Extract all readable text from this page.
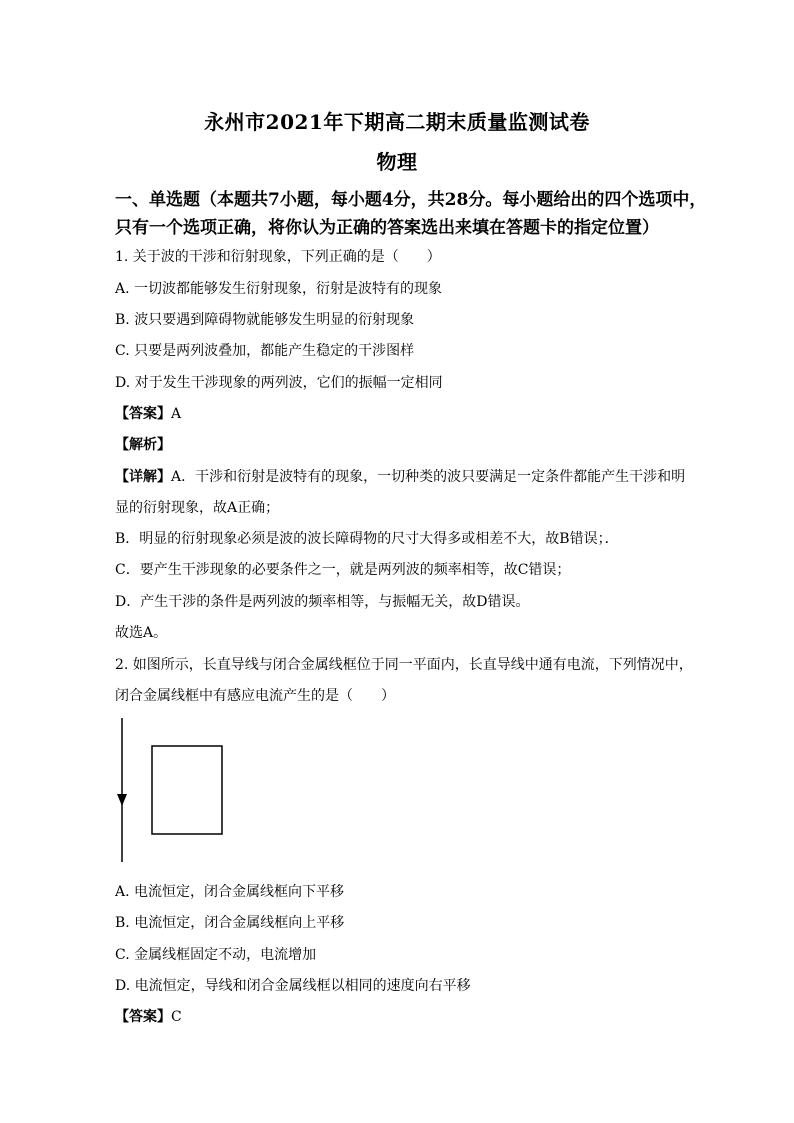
永州市2021年下期高二期末质量监测试卷
物理
一、单选题（本题共7小题，每小题4分，共28分。每小题给出的四个选项中，
只有一个选项正确，将你认为正确的答案选出来填在答题卡的指定位置）
1. 关于波的干涉和衍射现象，下列正确的是（　　）
A. 一切波都能够发生衍射现象，衍射是波特有的现象
B. 波只要遇到障碍物就能够发生明显的衍射现象
C. 只要是两列波叠加，都能产生稳定的干涉图样
D. 对于发生干涉现象的两列波，它们的振幅一定相同
【答案】A
【解析】
【详解】A．干涉和衍射是波特有的现象，一切种类的波只要满足一定条件都能产生干涉和明
显的衍射现象，故A正确；
B．明显的衍射现象必须是波的波长障碍物的尺寸大得多或相差不大，故B错误；．
C．要产生干涉现象的必要条件之一，就是两列波的频率相等，故C错误；
D．产生干涉的条件是两列波的频率相等，与振幅无关，故D错误。
故选A。
2. 如图所示，长直导线与闭合金属线框位于同一平面内，长直导线中通有电流，下列情况中，
闭合金属线框中有感应电流产生的是（　　）
A. 电流恒定，闭合金属线框向下平移
B. 电流恒定，闭合金属线框向上平移
C. 金属线框固定不动，电流增加
D. 电流恒定，导线和闭合金属线框以相同的速度向右平移
【答案】C
